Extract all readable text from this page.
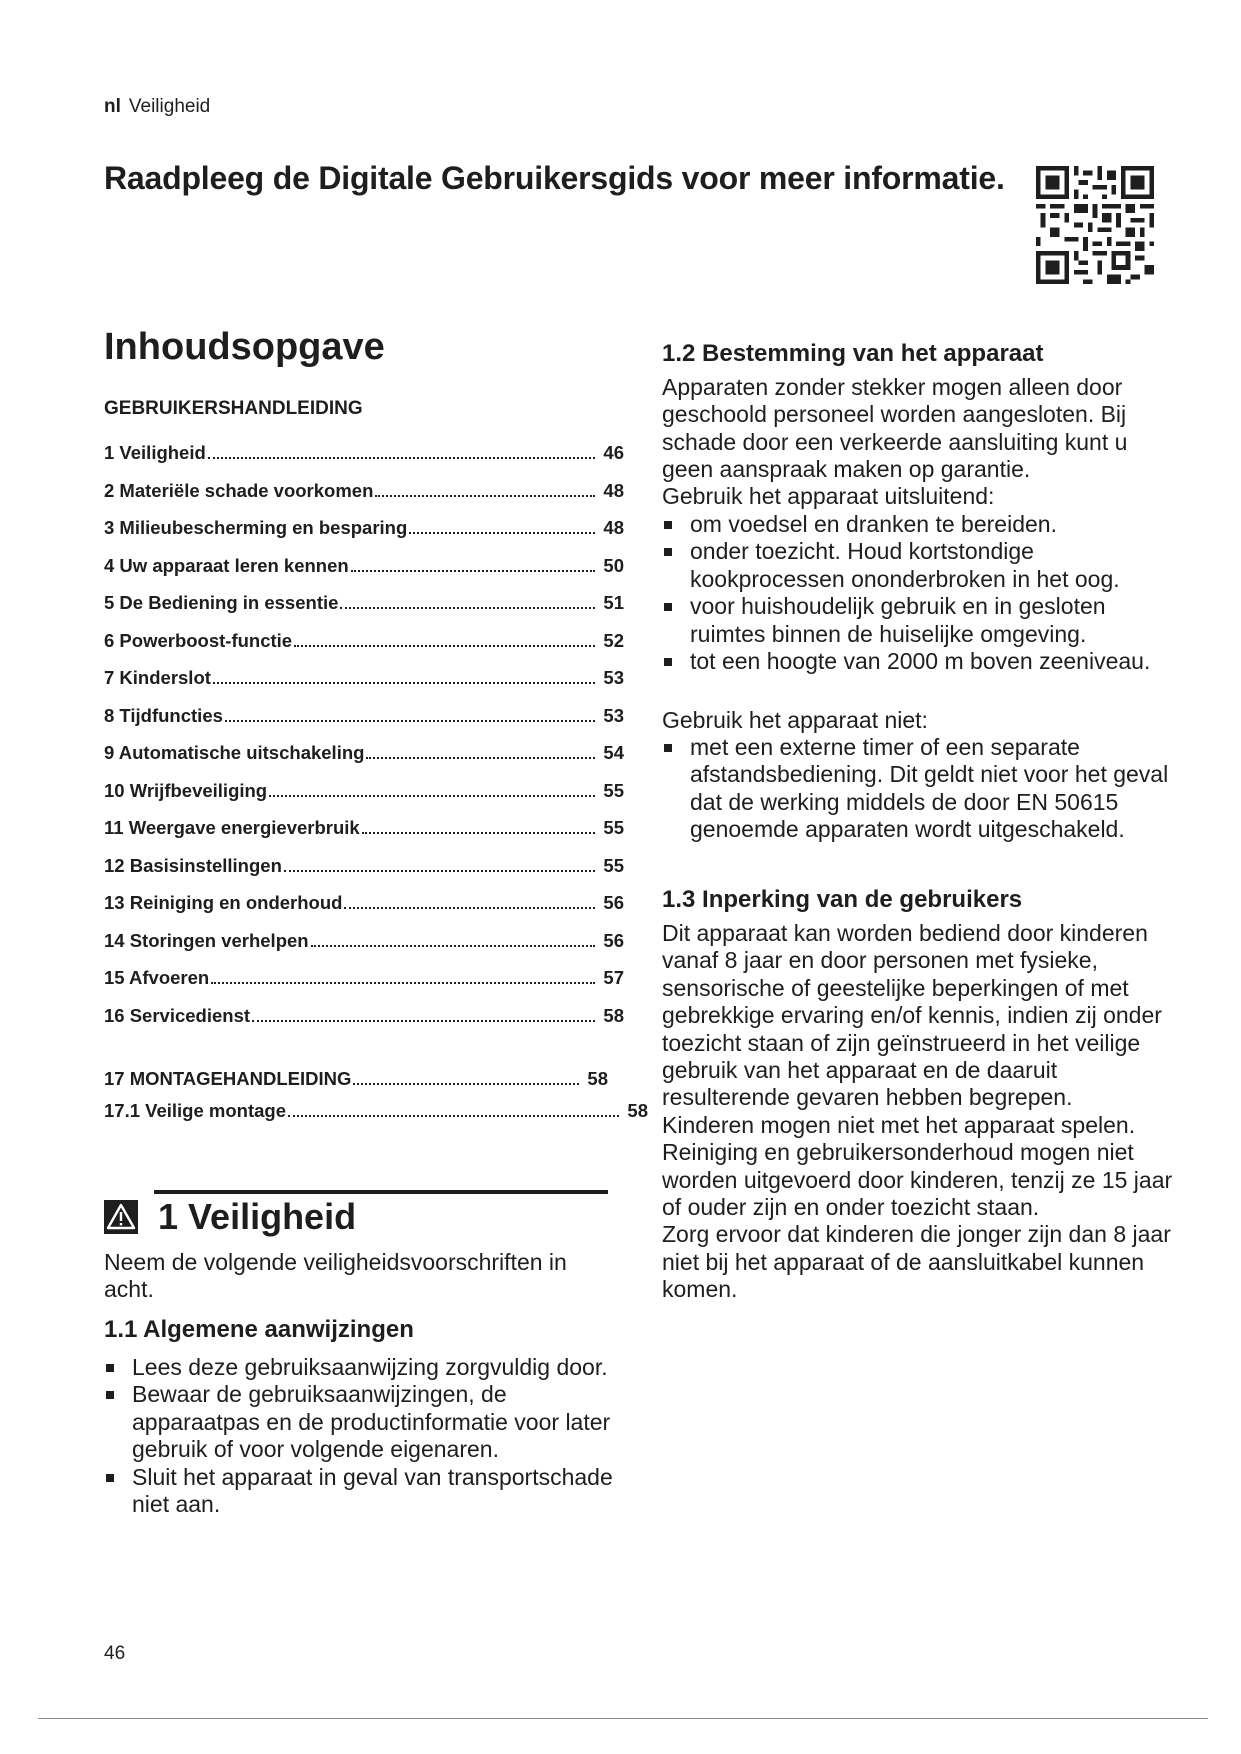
nl Veiligheid
Raadpleeg de Digitale Gebruikersgids voor meer informatie.
Inhoudsopgave
GEBRUIKERSHANDLEIDING
1 Veiligheid	46
2 Materiële schade voorkomen	48
3 Milieubescherming en besparing	48
4 Uw apparaat leren kennen	50
5 De Bediening in essentie	51
6 Powerboost-functie	52
7 Kinderslot	53
8 Tijdfuncties	53
9 Automatische uitschakeling	54
10 Wrijfbeveiliging	55
11 Weergave energieverbruik	55
12 Basisinstellingen	55
13 Reiniging en onderhoud	56
14 Storingen verhelpen	56
15 Afvoeren	57
16 Servicedienst	58
17 MONTAGEHANDLEIDING	58
17.1 Veilige montage	58
1 Veiligheid
Neem de volgende veiligheidsvoorschriften in acht.
1.1 Algemene aanwijzingen
Lees deze gebruiksaanwijzing zorgvuldig door.
Bewaar de gebruiksaanwijzingen, de apparaatpas en de productinformatie voor later gebruik of voor volgende eigenaren.
Sluit het apparaat in geval van transportschade niet aan.
1.2 Bestemming van het apparaat
Apparaten zonder stekker mogen alleen door geschoold personeel worden aangesloten. Bij schade door een verkeerde aansluiting kunt u geen aanspraak maken op garantie.
Gebruik het apparaat uitsluitend:
om voedsel en dranken te bereiden.
onder toezicht. Houd kortstondige kookprocessen ononderbroken in het oog.
voor huishoudelijk gebruik en in gesloten ruimtes binnen de huiselijke omgeving.
tot een hoogte van 2000 m boven zeeniveau.
Gebruik het apparaat niet:
met een externe timer of een separate afstandsbediening. Dit geldt niet voor het geval dat de werking middels de door EN 50615 genoemde apparaten wordt uitgeschakeld.
1.3 Inperking van de gebruikers
Dit apparaat kan worden bediend door kinderen vanaf 8 jaar en door personen met fysieke, sensorische of geestelijke beperkingen of met gebrekkige ervaring en/of kennis, indien zij onder toezicht staan of zijn geïnstrueerd in het veilige gebruik van het apparaat en de daaruit resulterende gevaren hebben begrepen.
Kinderen mogen niet met het apparaat spelen.
Reiniging en gebruikersonderhoud mogen niet worden uitgevoerd door kinderen, tenzij ze 15 jaar of ouder zijn en onder toezicht staan.
Zorg ervoor dat kinderen die jonger zijn dan 8 jaar niet bij het apparaat of de aansluitkabel kunnen komen.
46
